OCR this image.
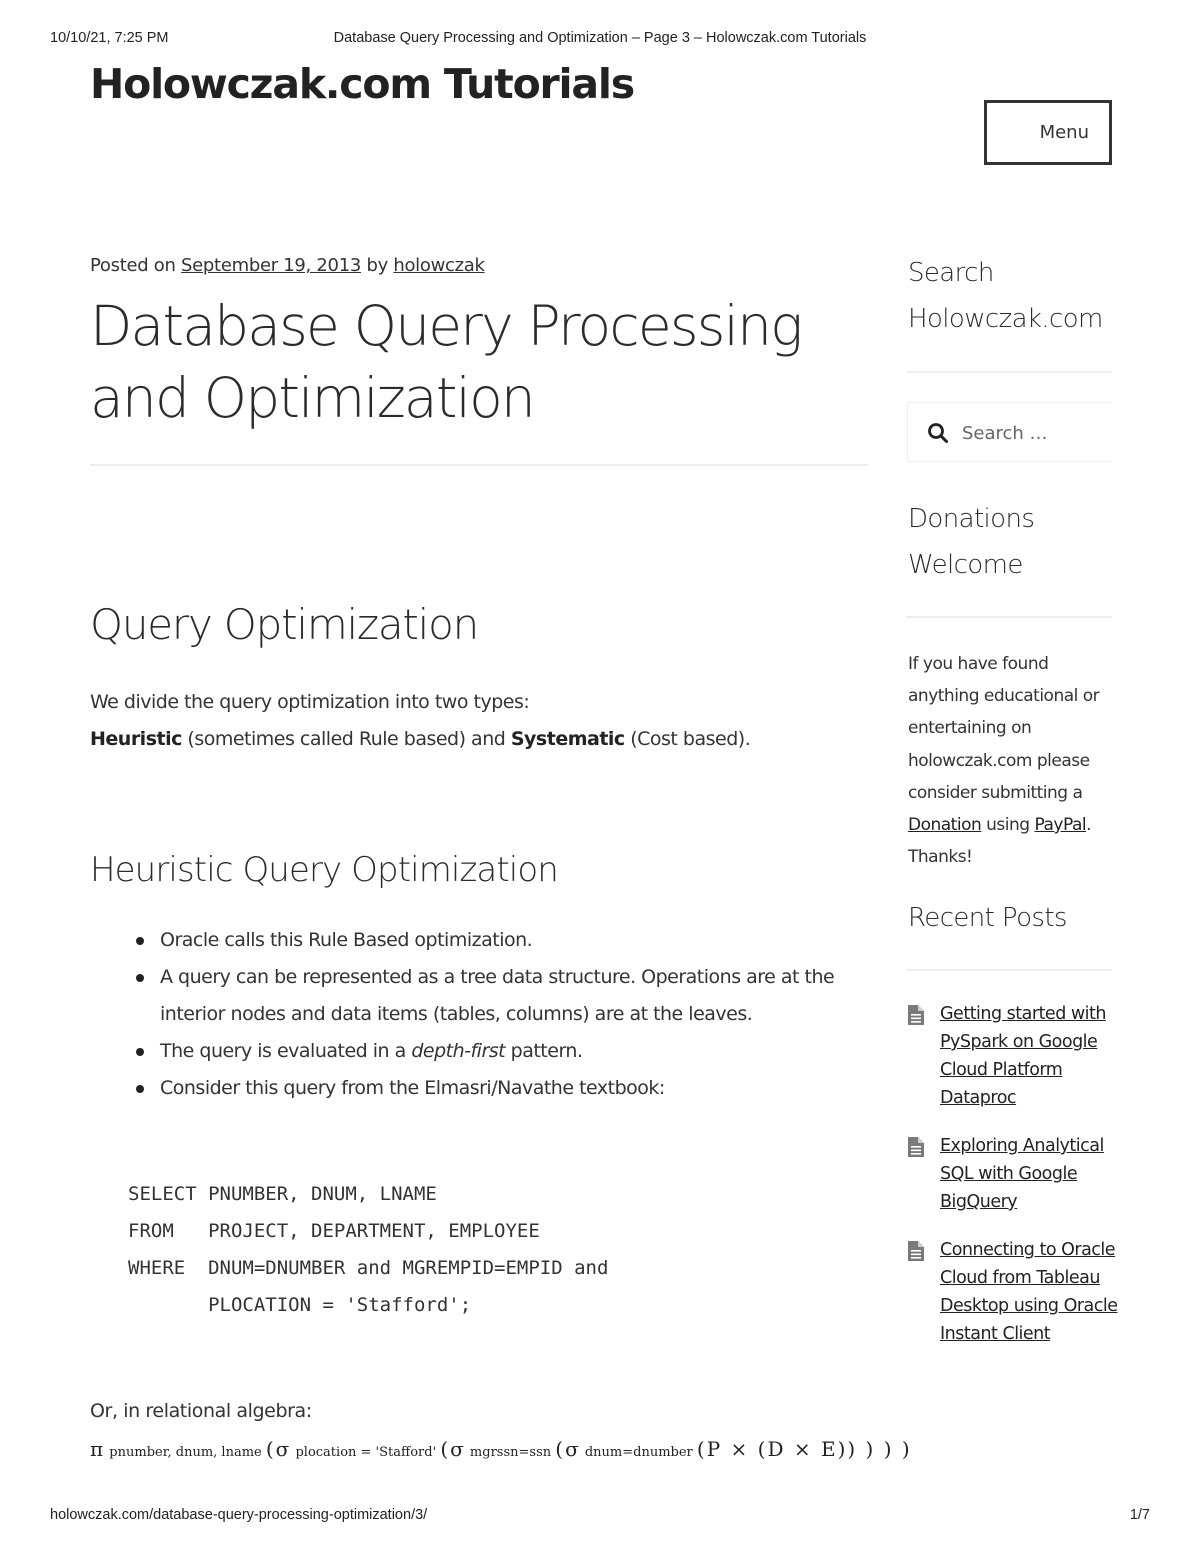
10/10/21, 7:25 PM	Database Query Processing and Optimization – Page 3 – Holowczak.com Tutorials
Holowczak.com Tutorials
Menu
Posted on September 19, 2013 by holowczak
Database Query Processing and Optimization
Query Optimization
We divide the query optimization into two types:
Heuristic (sometimes called Rule based) and Systematic (Cost based).
Heuristic Query Optimization
Oracle calls this Rule Based optimization.
A query can be represented as a tree data structure. Operations are at the interior nodes and data items (tables, columns) are at the leaves.
The query is evaluated in a depth-first pattern.
Consider this query from the Elmasri/Navathe textbook:
SELECT PNUMBER, DNUM, LNAME
FROM   PROJECT, DEPARTMENT, EMPLOYEE
WHERE  DNUM=DNUMBER and MGREMPID=EMPID and
PLOCATION = 'Stafford';
Or, in relational algebra:
π pnumber, dnum, lname (σ plocation = 'Stafford' (σ mgrssn=ssn (σ dnum=dnumber (P × (D × E)) ) ) )
Search Holowczak.com
Search …
Donations Welcome
If you have found anything educational or entertaining on holowczak.com please consider submitting a Donation using PayPal. Thanks!
Recent Posts
Getting started with PySpark on Google Cloud Platform Dataproc
Exploring Analytical SQL with Google BigQuery
Connecting to Oracle Cloud from Tableau Desktop using Oracle Instant Client
holowczak.com/database-query-processing-optimization/3/	1/7
